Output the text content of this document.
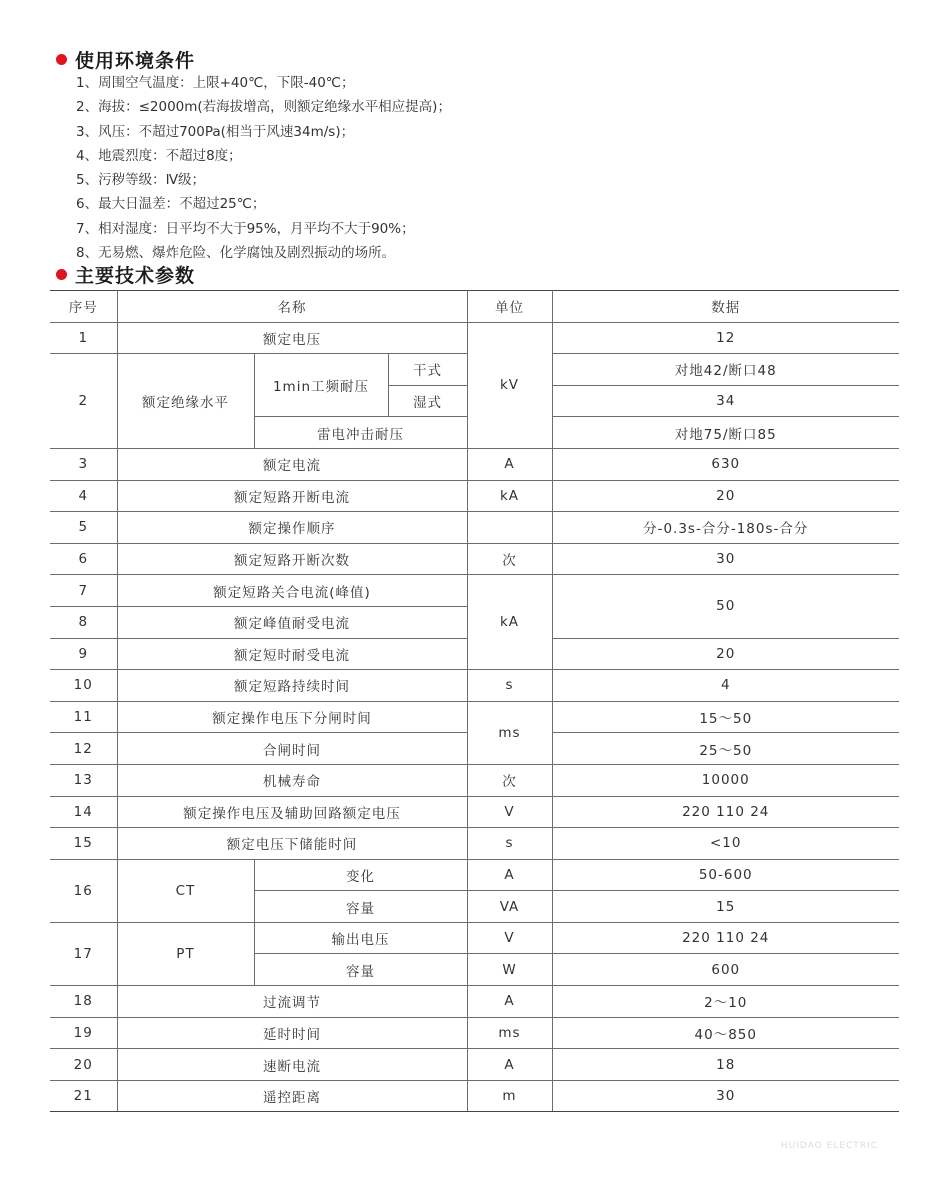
使用环境条件
1、周围空气温度：上限+40℃，下限-40℃；
2、海拔：≤2000m(若海拔增高，则额定绝缘水平相应提高)；
3、风压：不超过700Pa(相当于风速34m/s)；
4、地震烈度：不超过8度；
5、污秽等级：Ⅳ级；
6、最大日温差：不超过25℃；
7、相对湿度：日平均不大于95%，月平均不大于90%；
8、无易燃、爆炸危险、化学腐蚀及剧烈振动的场所。
主要技术参数
序号	名称			单位	数据
1	额定电压			kV	12
2	额定绝缘水平	1min工频耐压	干式		对地42/断口48
			湿式		34
		雷电冲击耐压			对地75/断口85
3	额定电流			A	630
4	额定短路开断电流			kA	20
5	额定操作顺序				分-0.3s-合分-180s-合分
6	额定短路开断次数			次	30
7	额定短路关合电流(峰值)			kA	50
8	额定峰值耐受电流				
9	额定短时耐受电流				20
10	额定短路持续时间			s	4
11	额定操作电压下分闸时间			ms	15～50
12	合闸时间				25～50
13	机械寿命			次	10000
14	额定操作电压及辅助回路额定电压			V	220 110 24
15	额定电压下储能时间			s	<10
16	CT	变化		A	50-600
		容量		VA	15
17	PT	输出电压		V	220 110 24
		容量		W	600
18	过流调节			A	2～10
19	延时时间			ms	40～850
20	速断电流			A	18
21	遥控距离			m	30
HUIDAO ELECTRIC
